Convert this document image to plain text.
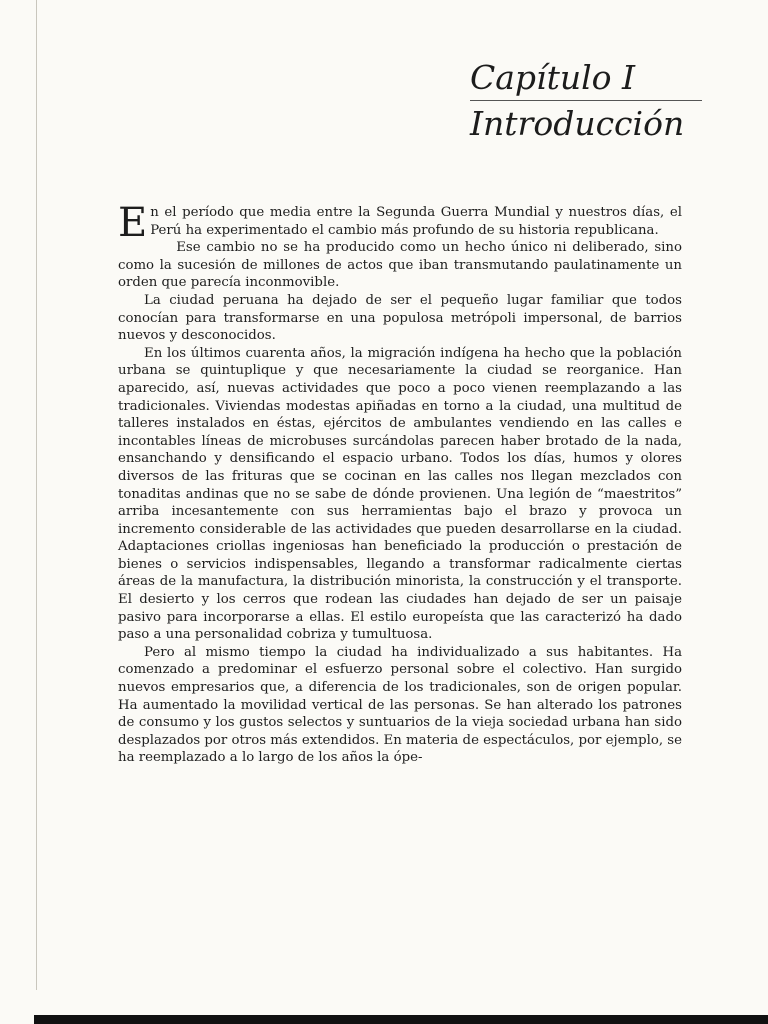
Capítulo I
Introducción

En el período que media entre la Segunda Guerra Mundial y nuestros días, el Perú ha experimentado el cambio más profundo de su historia republicana.

Ese cambio no se ha producido como un hecho único ni deliberado, sino como la sucesión de millones de actos que iban transmutando paulatinamente un orden que parecía inconmovible.

La ciudad peruana ha dejado de ser el pequeño lugar familiar que todos conocían para transformarse en una populosa metrópoli impersonal, de barrios nuevos y desconocidos.

En los últimos cuarenta años, la migración indígena ha hecho que la población urbana se quintuplique y que necesariamente la ciudad se reorganice. Han aparecido, así, nuevas actividades que poco a poco vienen reemplazando a las tradicionales. Viviendas modestas apiñadas en torno a la ciudad, una multitud de talleres instalados en éstas, ejércitos de ambulantes vendiendo en las calles e incontables líneas de microbuses surcándolas parecen haber brotado de la nada, ensanchando y densificando el espacio urbano. Todos los días, humos y olores diversos de las frituras que se cocinan en las calles nos llegan mezclados con tonaditas andinas que no se sabe de dónde provienen. Una legión de “maestritos” arriba incesantemente con sus herramientas bajo el brazo y provoca un incremento considerable de las actividades que pueden desarrollarse en la ciudad. Adaptaciones criollas ingeniosas han beneficiado la producción o prestación de bienes o servicios indispensables, llegando a transformar radicalmente ciertas áreas de la manufactura, la distribución minorista, la construcción y el transporte. El desierto y los cerros que rodean las ciudades han dejado de ser un paisaje pasivo para incorporarse a ellas. El estilo europeísta que las caracterizó ha dado paso a una personalidad cobriza y tumultuosa.

Pero al mismo tiempo la ciudad ha individualizado a sus habitantes. Ha comenzado a predominar el esfuerzo personal sobre el colectivo. Han surgido nuevos empresarios que, a diferencia de los tradicionales, son de origen popular. Ha aumentado la movilidad vertical de las personas. Se han alterado los patrones de consumo y los gustos selectos y suntuarios de la vieja sociedad urbana han sido desplazados por otros más extendidos. En materia de espectáculos, por ejemplo, se ha reemplazado a lo largo de los años la ópe-
